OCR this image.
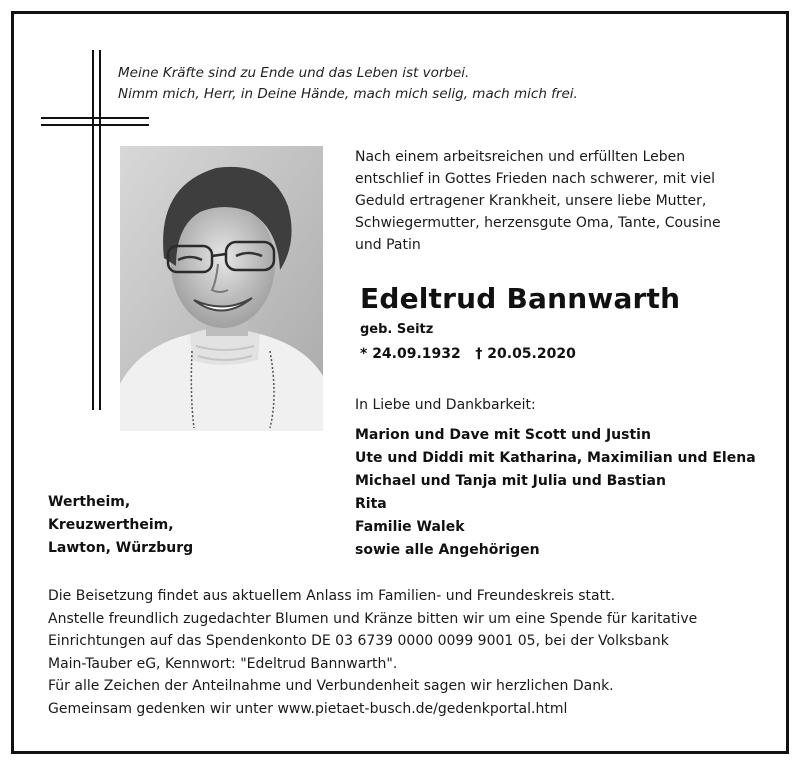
Meine Kräfte sind zu Ende und das Leben ist vorbei.
Nimm mich, Herr, in Deine Hände, mach mich selig, mach mich frei.
Nach einem arbeitsreichen und erfüllten Leben
entschlief in Gottes Frieden nach schwerer, mit viel
Geduld ertragener Krankheit, unsere liebe Mutter,
Schwiegermutter, herzensgute Oma, Tante, Cousine
und Patin
Edeltrud Bannwarth
geb. Seitz
* 24.09.1932 † 20.05.2020
In Liebe und Dankbarkeit:
Marion und Dave mit Scott und Justin
Ute und Diddi mit Katharina, Maximilian und Elena
Michael und Tanja mit Julia und Bastian
Rita
Familie Walek
sowie alle Angehörigen
Wertheim,
Kreuzwertheim,
Lawton, Würzburg
Die Beisetzung findet aus aktuellem Anlass im Familien- und Freundeskreis statt.
Anstelle freundlich zugedachter Blumen und Kränze bitten wir um eine Spende für karitative
Einrichtungen auf das Spendenkonto DE 03 6739 0000 0099 9001 05, bei der Volksbank
Main-Tauber eG, Kennwort: "Edeltrud Bannwarth".
Für alle Zeichen der Anteilnahme und Verbundenheit sagen wir herzlichen Dank.
Gemeinsam gedenken wir unter www.pietaet-busch.de/gedenkportal.html
